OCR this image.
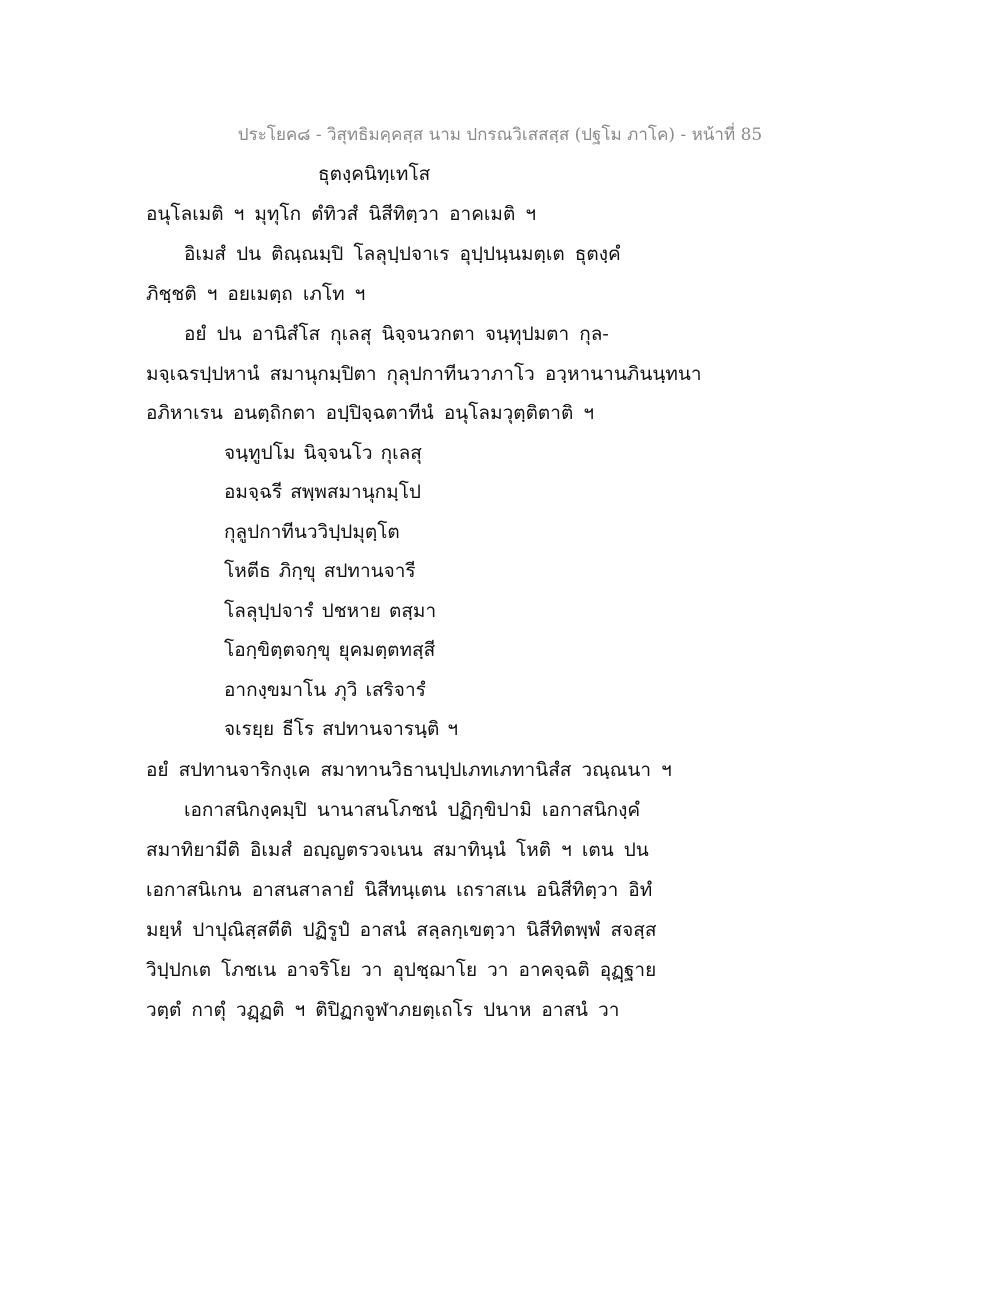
ประโยค๘ - วิสุทธิมคฺคสฺส นาม ปกรณวิเสสสฺส (ปฐโม ภาโค) - หน้าที่ 85
ธุตงฺคนิทฺเทโส
อนุโลเมติ ฯ มุทุโก ตํทิวสํ นิสีทิตฺวา อาคเมติ ฯ
อิเมสํ ปน ติณฺณมฺปิ โลลุปฺปจาเร อุปฺปนฺนมตฺเต ธุตงฺคํ
ภิชฺชติ ฯ อยเมตฺถ เภโท ฯ
อยํ ปน อานิสํโส กุเลสุ นิจฺจนวกตา จนฺทุปมตา กุล-
มจฺเฉรปฺปหานํ สมานุกมฺปิตา กุลุปกาทีนวาภาโว อวฺหานานภินนฺทนา
อภิหาเรน อนตฺถิกตา อปฺปิจฺฉตาทีนํ อนุโลมวุตฺติตาติ ฯ
จนฺทูปโม นิจฺจนโว กุเลสุ
อมจฺฉรี สพฺพสมานุกมฺโป
กุลูปกาทีนววิปฺปมุตฺโต
โหตีธ ภิกฺขุ สปทานจารี
โลลุปฺปจารํ ปชหาย ตสฺมา
โอกฺขิตฺตจกฺขุ ยุคมตฺตทสฺสี
อากงฺขมาโน ภุวิ เสริจารํ
จเรยฺย ธีโร สปทานจารนฺติ ฯ
อยํ สปทานจาริกงฺเค สมาทานวิธานปฺปเภทเภทานิสํส วณฺณนา ฯ
เอกาสนิกงฺคมฺปิ นานาสนโภชนํ ปฏิกฺขิปามิ เอกาสนิกงฺคํ
สมาทิยามีติ อิเมสํ อญฺญตรวจเนน สมาทินฺนํ โหติ ฯ เตน ปน
เอกาสนิเกน อาสนสาลายํ นิสีทนฺเตน เถราสเน อนิสีทิตฺวา อิทํ
มยฺหํ ปาปุณิสฺสตีติ ปฏิรูปํ อาสนํ สลฺลกฺเขตฺวา นิสีทิตพฺพํ สจสฺส
วิปฺปกเต โภชเน อาจริโย วา อุปชฺฌาโย วา อาคจฺฉติ อุฏฺฐาย
วตฺตํ กาตุํ วฏฺฏติ ฯ ติปิฏกจูฬาภยตฺเถโร ปนาห อาสนํ วา
